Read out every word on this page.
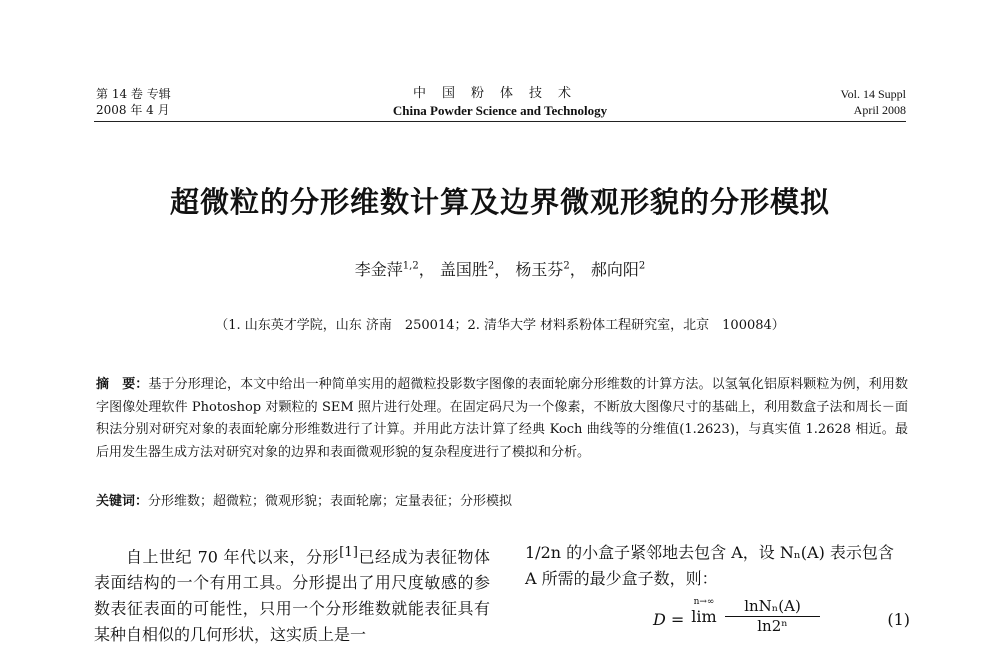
第 14 卷 专辑
2008 年 4 月
中国粉体技术
China Powder Science and Technology
Vol. 14 Suppl
April 2008
超微粒的分形维数计算及边界微观形貌的分形模拟
李金萍$^{1,2}$， 盖国胜$^2$， 杨玉芬$^2$， 郝向阳$^2$
（1. 山东英才学院，山东 济南　250014；2. 清华大学 材料系粉体工程研究室，北京　100084）
摘　要：基于分形理论，本文中给出一种简单实用的超微粒投影数字图像的表面轮廓分形维数的计算方法。以氢氧化铝原料颗粒为例，利用数字图像处理软件 Photoshop 对颗粒的 SEM 照片进行处理。在固定码尺为一个像素，不断放大图像尺寸的基础上，利用数盒子法和周长－面积法分别对研究对象的表面轮廓分形维数进行了计算。并用此方法计算了经典 Koch 曲线等的分维值(1.2623)，与真实值 1.2628 相近。最后用发生器生成方法对研究对象的边界和表面微观形貌的复杂程度进行了模拟和分析。
关键词：分形维数；超微粒；微观形貌；表面轮廓；定量表征；分形模拟

自上世纪 70 年代以来，分形[1]已经成为表征物体表面结构的一个有用工具。分形提出了用尺度敏感的参数表征表面的可能性，只用一个分形维数就能表征具有某种自相似的几何形状，这实质上是一

1/2n 的小盒子紧邻地去包含 A，设 Nₙ(A) 表示包含

A 所需的最少盒子数，则：

D =
n→∞
$\lim \frac{\text{lnNₙ(A)}}{\text{ln2ⁿ}}$	(1)
